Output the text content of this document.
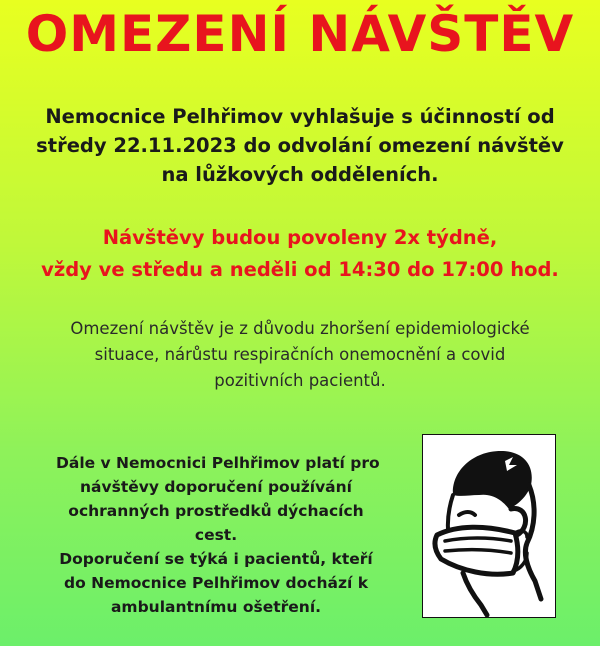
OMEZENÍ NÁVŠTĚV
Nemocnice Pelhřimov vyhlašuje s účinností od
středy 22.11.2023 do odvolání omezení návštěv
na lůžkových odděleních.
Návštěvy budou povoleny 2x týdně,
vždy ve středu a neděli od 14:30 do 17:00 hod.
Omezení návštěv je z důvodu zhoršení epidemiologické
situace, nárůstu respiračních onemocnění a covid
pozitivních pacientů.
Dále v Nemocnici Pelhřimov platí pro
návštěvy doporučení používání
ochranných prostředků dýchacích
cest.
Doporučení se týká i pacientů, kteří
do Nemocnice Pelhřimov dochází k
ambulantnímu ošetření.
